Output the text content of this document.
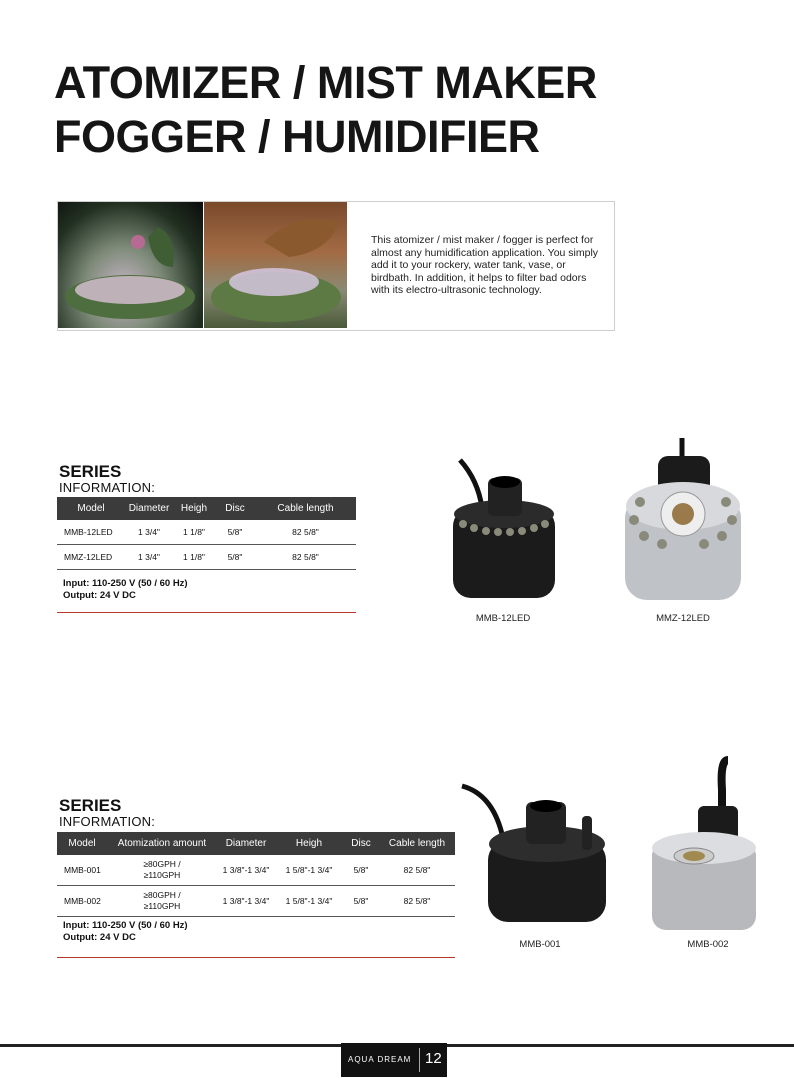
ATOMIZER / MIST MAKER
FOGGER / HUMIDIFIER
This atomizer / mist maker / fogger is perfect for almost any humidification application. You simply add it to your rockery, water tank, vase, or birdbath. In addition, it helps to filter bad odors with its electro-ultrasonic technology.
SERIES
INFORMATION:
Model	Diameter	Heigh	Disc	Cable length
MMB-12LED	1 3/4"	1 1/8"	5/8"	82 5/8"
MMZ-12LED	1 3/4"	1 1/8"	5/8"	82 5/8"
Input: 110-250 V (50 / 60 Hz)
Output: 24 V DC
MMB-12LED	MMZ-12LED
SERIES
INFORMATION:
Model	Atomization amount	Diameter	Heigh	Disc	Cable length
MMB-001	≥80GPH /≥110GPH	1 3/8"-1 3/4"	1 5/8"-1 3/4"	5/8"	82 5/8"
MMB-002	≥80GPH /≥110GPH	1 3/8"-1 3/4"	1 5/8"-1 3/4"	5/8"	82 5/8"
Input: 110-250 V (50 / 60 Hz)
Output: 24 V DC
MMB-001	MMB-002
AQUA DREAM 12
